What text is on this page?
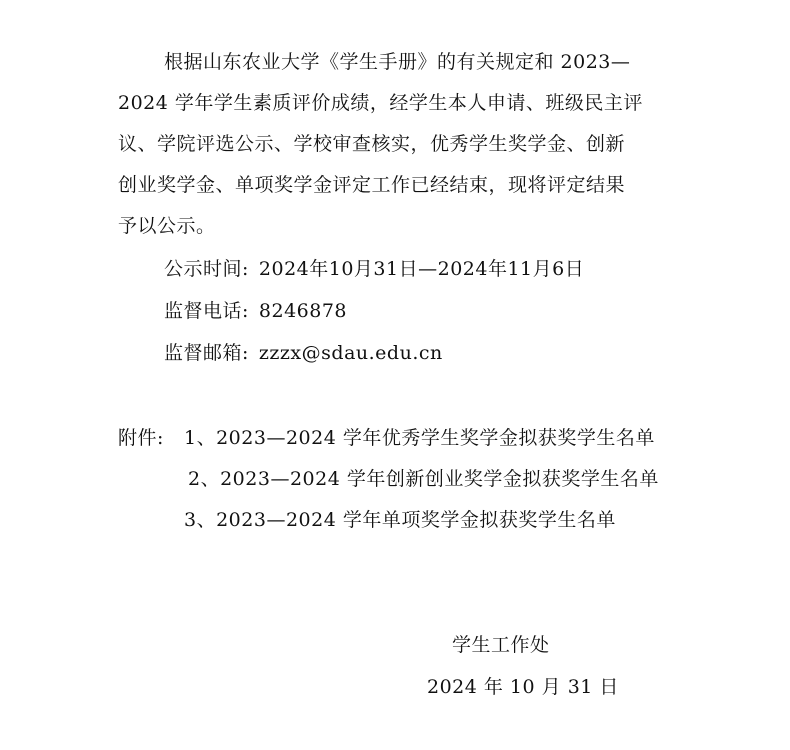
根据山东农业大学《学生手册》的有关规定和 2023—
2024 学年学生素质评价成绩，经学生本人申请、班级民主评
议、学院评选公示、学校审查核实，优秀学生奖学金、创新
创业奖学金、单项奖学金评定工作已经结束，现将评定结果
予以公示。
公示时间: 2024年10月31日—2024年11月6日
监督电话: 8246878
监督邮箱: zzzx@sdau.edu.cn
附件: 1、2023—2024 学年优秀学生奖学金拟获奖学生名单
2、2023—2024 学年创新创业奖学金拟获奖学生名单
3、2023—2024 学年单项奖学金拟获奖学生名单
学生工作处
2024 年 10 月 31 日
